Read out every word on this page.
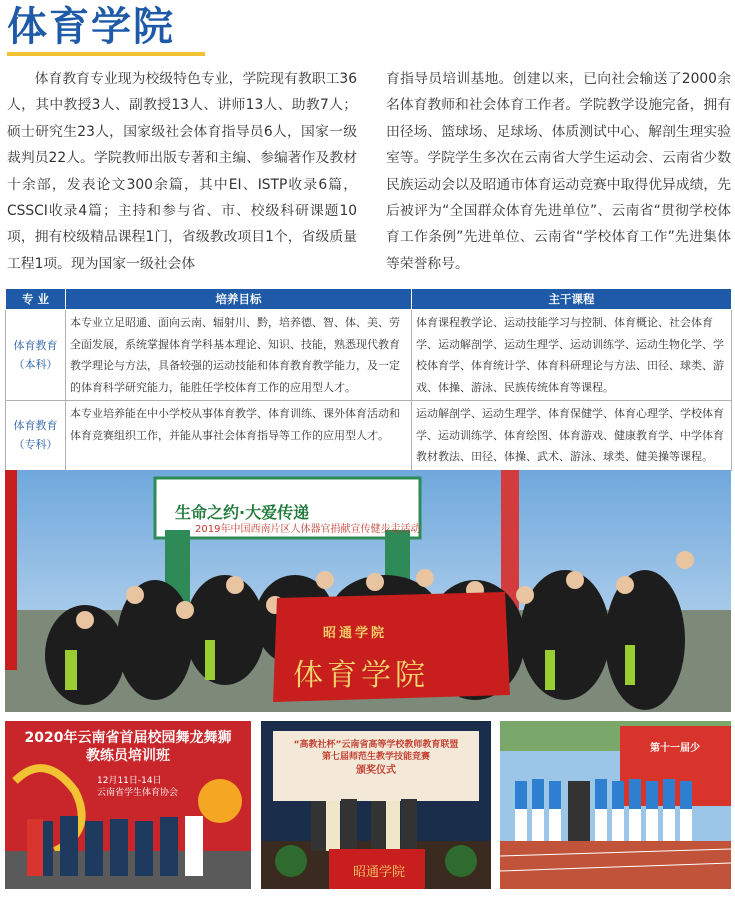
体育学院

体育教育专业现为校级特色专业，学院现有教职工36人，其中教授3人、副教授13人、讲师13人、助教7人；硕士研究生23人，国家级社会体育指导员6人，国家一级裁判员22人。学院教师出版专著和主编、参编著作及教材十余部，发表论文300余篇，其中EI、ISTP收录6篇，CSSCI收录4篇；主持和参与省、市、校级科研课题10项，拥有校级精品课程1门，省级教改项目1个，省级质量工程1项。现为国家一级社会体

育指导员培训基地。创建以来，已向社会输送了2000余名体育教师和社会体育工作者。学院教学设施完备，拥有田径场、篮球场、足球场、体质测试中心、解剖生理实验室等。学院学生多次在云南省大学生运动会、云南省少数民族运动会以及昭通市体育运动竞赛中取得优异成绩，先后被评为“全国群众体育先进单位”、云南省“贯彻学校体育工作条例”先进单位、云南省“学校体育工作”先进集体等荣誉称号。

专 业	培养目标	主干课程

体育教育
（本科）	本专业立足昭通、面向云南、辐射川、黔，培养德、智、体、美、劳全面发展，系统掌握体育学科基本理论、知识、技能，熟悉现代教育教学理论与方法，具备较强的运动技能和体育教育教学能力，及一定的体育科学研究能力，能胜任学校体育工作的应用型人才。	体育课程教学论、运动技能学习与控制、体育概论、社会体育学、运动解剖学、运动生理学、运动训练学、运动生物化学、学校体育学、体育统计学、体育科研理论与方法、田径、球类、游戏、体操、游泳、民族传统体育等课程。

体育教育
（专科）	本专业培养能在中小学校从事体育教学、体育训练、课外体育活动和体育竞赛组织工作，并能从事社会体育指导等工作的应用型人才。	运动解剖学、运动生理学、体育保健学、体育心理学、学校体育学、运动训练学、体育绘图、体育游戏、健康教育学、中学体育教材教法、田径、体操、武术、游泳、球类、健美操等课程。
生命之约·大爱传递
2019年中国西南片区人体器官捐献宣传健步走活动
昭通学院
体育学院
2020年云南省首届校园舞龙舞狮
教练员培训班
12月11日-14日
云南省学生体育协会
“高教社杯”云南省高等学校教师教育联盟
第七届师范生教学技能竞赛
颁奖仪式
昭通学院
第十一届少
